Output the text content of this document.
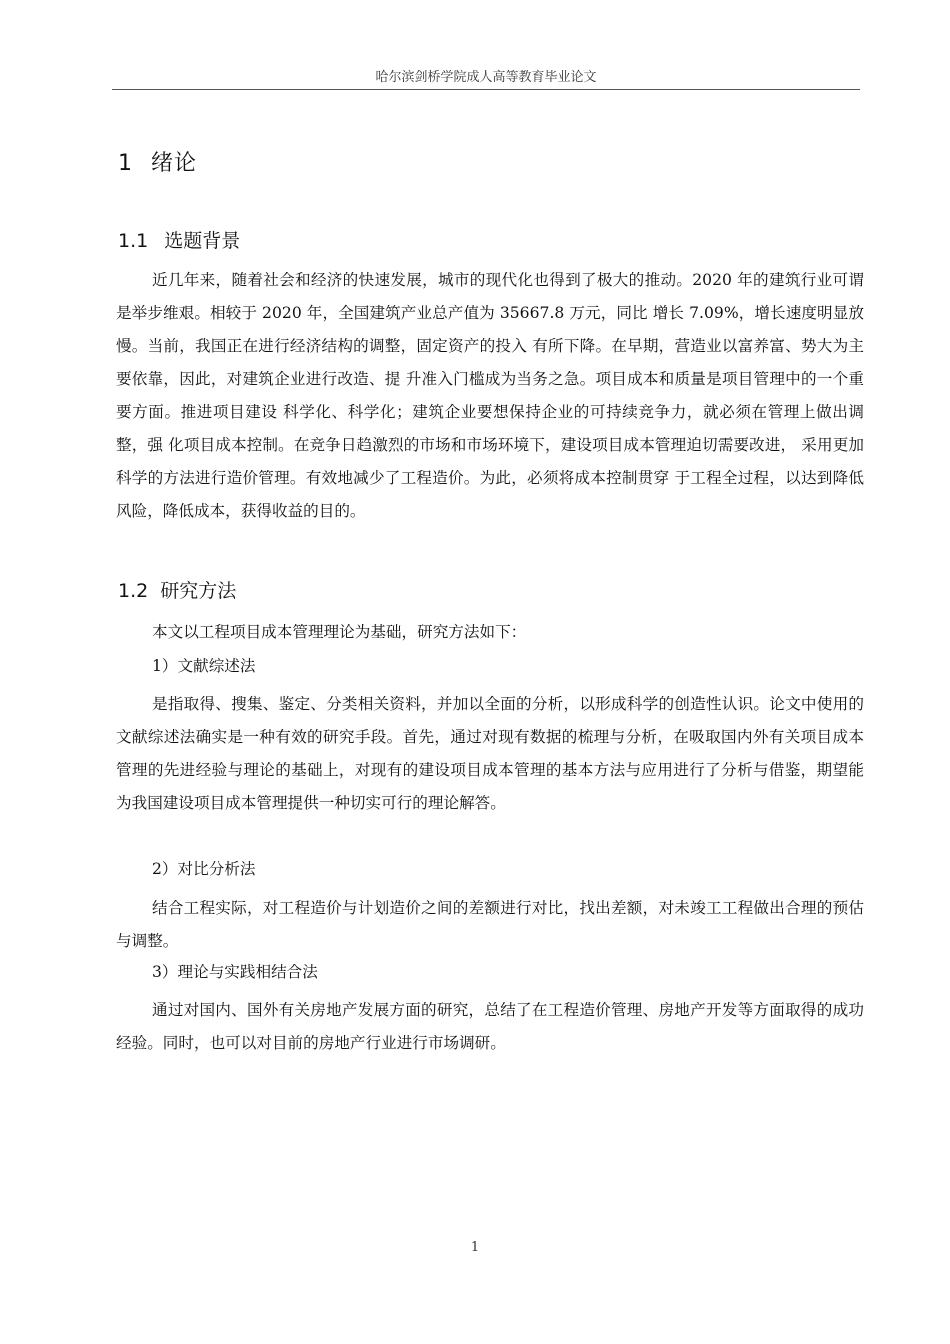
哈尔滨剑桥学院成人高等教育毕业论文
1 绪论
1.1 选题背景

近几年来，随着社会和经济的快速发展，城市的现代化也得到了极大的推动。2020 年的建筑行业可谓是举步维艰。相较于 2020 年，全国建筑产业总产值为 35667.8 万元，同比 增长 7.09%，增长速度明显放慢。当前，我国正在进行经济结构的调整，固定资产的投入 有所下降。在早期，营造业以富养富、势大为主要依靠，因此，对建筑企业进行改造、提 升准入门槛成为当务之急。项目成本和质量是项目管理中的一个重要方面。推进项目建设 科学化、科学化；建筑企业要想保持企业的可持续竞争力，就必须在管理上做出调整，强 化项目成本控制。在竞争日趋激烈的市场和市场环境下，建设项目成本管理迫切需要改进， 采用更加科学的方法进行造价管理。有效地减少了工程造价。为此，必须将成本控制贯穿 于工程全过程，以达到降低风险，降低成本，获得收益的目的。

1.2 研究方法

本文以工程项目成本管理理论为基础，研究方法如下：

1）文献综述法

是指取得、搜集、鉴定、分类相关资料，并加以全面的分析，以形成科学的创造性认识。论文中使用的文献综述法确实是一种有效的研究手段。首先，通过对现有数据的梳理与分析，在吸取国内外有关项目成本管理的先进经验与理论的基础上，对现有的建设项目成本管理的基本方法与应用进行了分析与借鉴，期望能为我国建设项目成本管理提供一种切实可行的理论解答。

2）对比分析法

结合工程实际，对工程造价与计划造价之间的差额进行对比，找出差额，对未竣工工程做出合理的预估与调整。

3）理论与实践相结合法

通过对国内、国外有关房地产发展方面的研究，总结了在工程造价管理、房地产开发等方面取得的成功经验。同时，也可以对目前的房地产行业进行市场调研。

1
